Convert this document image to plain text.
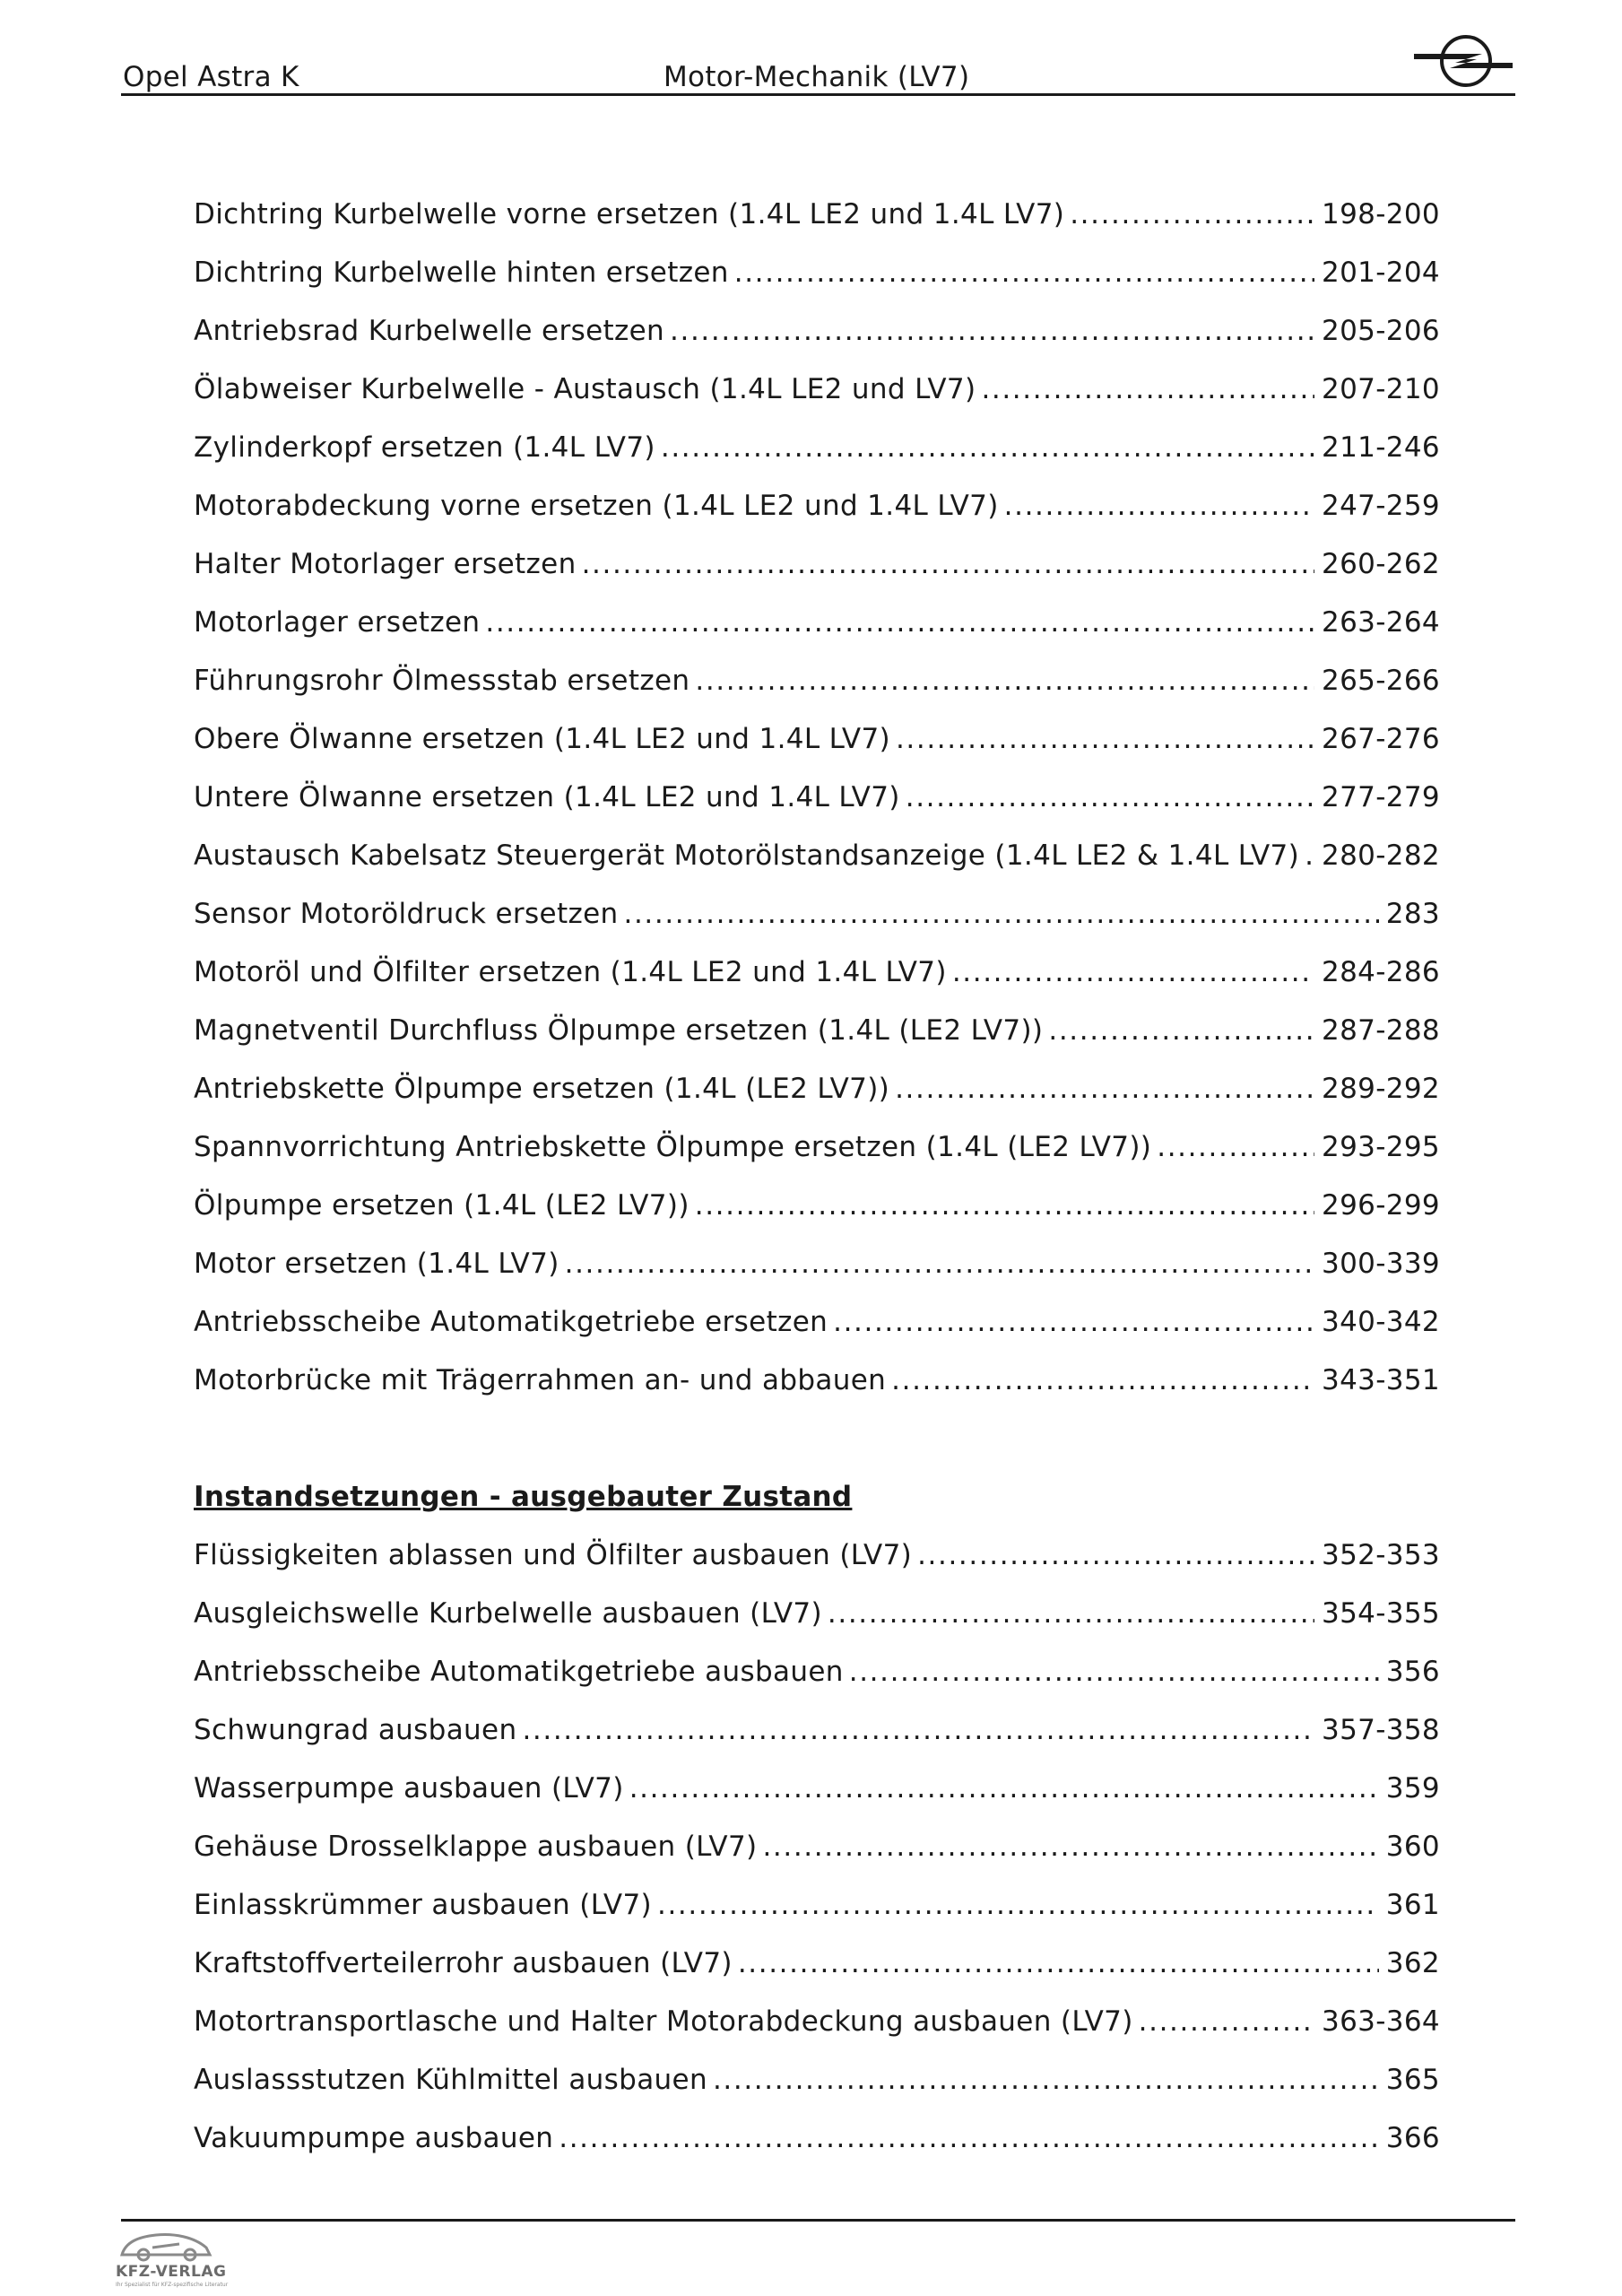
Opel Astra K	Motor-Mechanik (LV7)
Dichtring Kurbelwelle vorne ersetzen (1.4L LE2 und 1.4L LV7) .....	198-200
Dichtring Kurbelwelle hinten ersetzen .....	201-204
Antriebsrad Kurbelwelle ersetzen .....	205-206
Ölabweiser Kurbelwelle - Austausch (1.4L LE2 und LV7) .....	207-210
Zylinderkopf ersetzen (1.4L LV7) .....	211-246
Motorabdeckung vorne ersetzen (1.4L LE2 und 1.4L LV7) .....	247-259
Halter Motorlager ersetzen .....	260-262
Motorlager ersetzen .....	263-264
Führungsrohr Ölmessstab ersetzen .....	265-266
Obere Ölwanne ersetzen (1.4L LE2 und 1.4L LV7) .....	267-276
Untere Ölwanne ersetzen (1.4L LE2 und 1.4L LV7) .....	277-279
Austausch Kabelsatz Steuergerät Motorölstandsanzeige (1.4L LE2 & 1.4L LV7) ..... 280-282
Sensor Motoröldruck ersetzen .....	283
Motoröl und Ölfilter ersetzen (1.4L LE2 und 1.4L LV7) .....	284-286
Magnetventil Durchfluss Ölpumpe ersetzen (1.4L (LE2 LV7)) .....	287-288
Antriebskette Ölpumpe ersetzen (1.4L (LE2 LV7)) .....	289-292
Spannvorrichtung Antriebskette Ölpumpe ersetzen (1.4L (LE2 LV7)) .....	293-295
Ölpumpe ersetzen (1.4L (LE2 LV7)) .....	296-299
Motor ersetzen (1.4L LV7) .....	300-339
Antriebsscheibe Automatikgetriebe ersetzen .....	340-342
Motorbrücke mit Trägerrahmen an- und abbauen .....	343-351
Instandsetzungen - ausgebauter Zustand
Flüssigkeiten ablassen und Ölfilter ausbauen (LV7) .....	352-353
Ausgleichswelle Kurbelwelle ausbauen (LV7) .....	354-355
Antriebsscheibe Automatikgetriebe ausbauen .....	356
Schwungrad ausbauen .....	357-358
Wasserpumpe ausbauen (LV7) .....	359
Gehäuse Drosselklappe ausbauen (LV7) .....	360
Einlasskrümmer ausbauen (LV7) .....	361
Kraftstoffverteilerrohr ausbauen (LV7) .....	362
Motortransportlasche und Halter Motorabdeckung ausbauen (LV7) .....	363-364
Auslassstutzen Kühlmittel ausbauen .....	365
Vakuumpumpe ausbauen .....	366
KFZ-VERLAG
Ihr Spezialist für KFZ-spezifische Literatur
